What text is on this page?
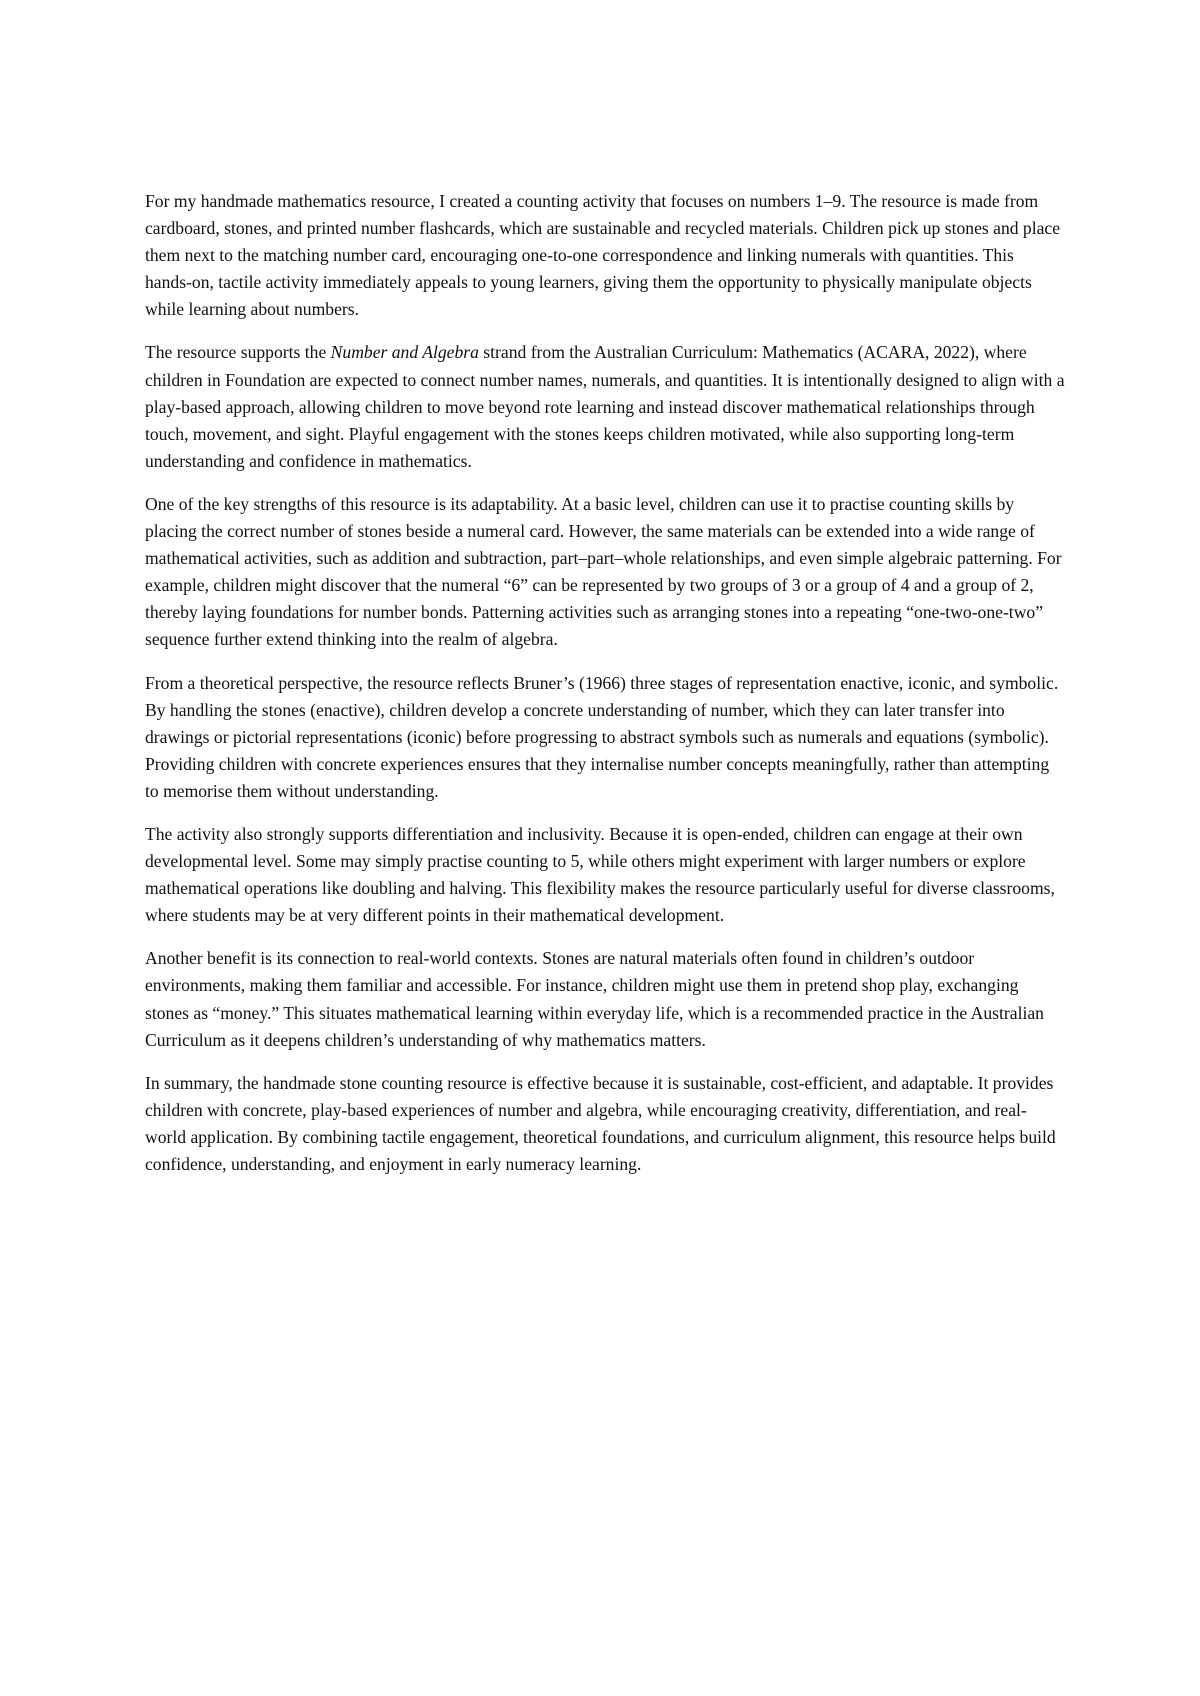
For my handmade mathematics resource, I created a counting activity that focuses on numbers 1–9. The resource is made from cardboard, stones, and printed number flashcards, which are sustainable and recycled materials. Children pick up stones and place them next to the matching number card, encouraging one-to-one correspondence and linking numerals with quantities. This hands-on, tactile activity immediately appeals to young learners, giving them the opportunity to physically manipulate objects while learning about numbers.

The resource supports the Number and Algebra strand from the Australian Curriculum: Mathematics (ACARA, 2022), where children in Foundation are expected to connect number names, numerals, and quantities. It is intentionally designed to align with a play-based approach, allowing children to move beyond rote learning and instead discover mathematical relationships through touch, movement, and sight. Playful engagement with the stones keeps children motivated, while also supporting long-term understanding and confidence in mathematics.

One of the key strengths of this resource is its adaptability. At a basic level, children can use it to practise counting skills by placing the correct number of stones beside a numeral card. However, the same materials can be extended into a wide range of mathematical activities, such as addition and subtraction, part–part–whole relationships, and even simple algebraic patterning. For example, children might discover that the numeral “6” can be represented by two groups of 3 or a group of 4 and a group of 2, thereby laying foundations for number bonds. Patterning activities such as arranging stones into a repeating “one-two-one-two” sequence further extend thinking into the realm of algebra.

From a theoretical perspective, the resource reflects Bruner’s (1966) three stages of representation enactive, iconic, and symbolic. By handling the stones (enactive), children develop a concrete understanding of number, which they can later transfer into drawings or pictorial representations (iconic) before progressing to abstract symbols such as numerals and equations (symbolic). Providing children with concrete experiences ensures that they internalise number concepts meaningfully, rather than attempting to memorise them without understanding.

The activity also strongly supports differentiation and inclusivity. Because it is open-ended, children can engage at their own developmental level. Some may simply practise counting to 5, while others might experiment with larger numbers or explore mathematical operations like doubling and halving. This flexibility makes the resource particularly useful for diverse classrooms, where students may be at very different points in their mathematical development.

Another benefit is its connection to real-world contexts. Stones are natural materials often found in children’s outdoor environments, making them familiar and accessible. For instance, children might use them in pretend shop play, exchanging stones as “money.” This situates mathematical learning within everyday life, which is a recommended practice in the Australian Curriculum as it deepens children’s understanding of why mathematics matters.

In summary, the handmade stone counting resource is effective because it is sustainable, cost-efficient, and adaptable. It provides children with concrete, play-based experiences of number and algebra, while encouraging creativity, differentiation, and real-world application. By combining tactile engagement, theoretical foundations, and curriculum alignment, this resource helps build confidence, understanding, and enjoyment in early numeracy learning.
